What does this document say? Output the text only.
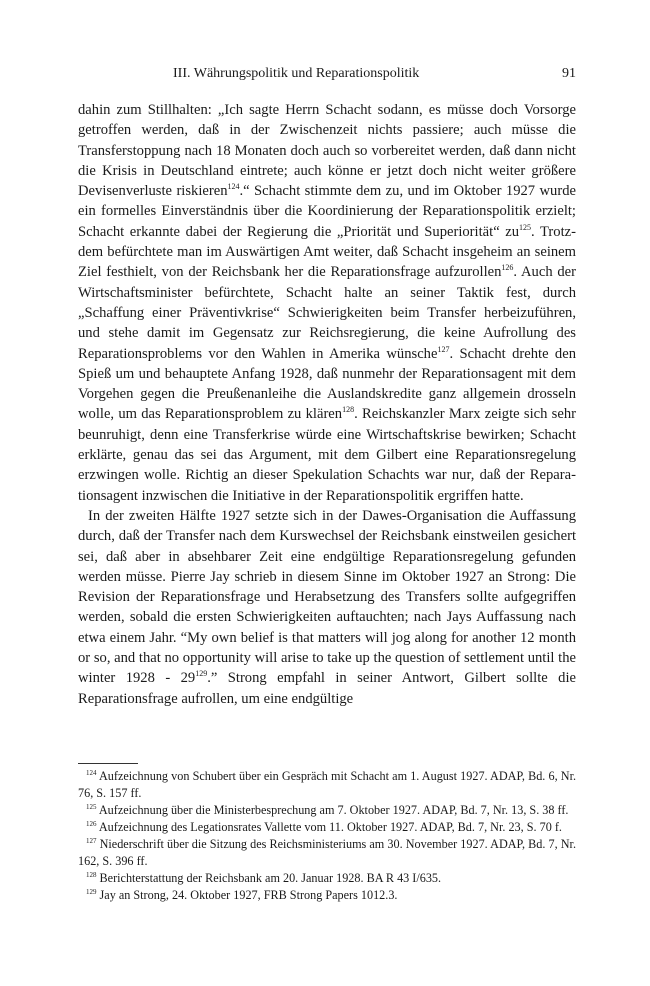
III. Währungspolitik und Reparationspolitik	91

dahin zum Stillhalten: „Ich sagte Herrn Schacht sodann, es müsse doch Vorsorge getroffen werden, daß in der Zwischenzeit nichts passiere; auch müsse die Transferstoppung nach 18 Monaten doch auch so vorbereitet werden, daß dann nicht die Krisis in Deutschland eintrete; auch könne er jetzt doch nicht weiter größere Devisenverluste riskieren$^{124}$.“ Schacht stimmte dem zu, und im Oktober 1927 wurde ein formelles Einverständnis über die Koordinierung der Reparationspolitik erzielt; Schacht erkannte dabei der Regierung die „Priorität und Superiorität“ $zu^{125}$. Trotzdem befürchtete man im Auswärtigen Amt weiter, daß Schacht insgeheim an seinem Ziel festhielt, von der Reichsbank her die Reparationsfrage aufzurollen$^{126}$. Auch der Wirtschaftsminister befürchtete, Schacht halte an seiner Taktik fest, durch „Schaffung einer Präventivkrise“ Schwierigkeiten beim Transfer herbeizuführen, und stehe damit im Gegensatz zur Reichsregierung, die keine Aufrollung des Reparationsproblems vor den Wahlen in Amerika wünsche$^{127}$. Schacht drehte den Spieß um und behauptete Anfang 1928, daß nunmehr der Reparationsagent mit dem Vorgehen gegen die Preußenanleihe die Auslandskredite ganz allgemein drosseln wolle, um das Reparationsproblem zu klären$^{128}$. Reichskanzler Marx zeigte sich sehr beunruhigt, denn eine Transferkrise würde eine Wirtschaftskrise bewirken; Schacht erklärte, genau das sei das Argument, mit dem Gilbert eine Reparationsregelung erzwingen wolle. Richtig an dieser Spekulation Schachts war nur, daß der Reparationsagent inzwischen die Initiative in der Reparationspolitik ergriffen hatte.

In der zweiten Hälfte 1927 setzte sich in der Dawes-Organisation die Auffassung durch, daß der Transfer nach dem Kurswechsel der Reichsbank einstweilen gesichert sei, daß aber in absehbarer Zeit eine endgültige Reparationsregelung gefunden werden müsse. Pierre Jay schrieb in diesem Sinne im Oktober 1927 an Strong: Die Revision der Reparationsfrage und Herabsetzung des Transfers sollte aufgegriffen werden, sobald die ersten Schwierigkeiten auftauchten; nach Jays Auffassung nach etwa einem Jahr. “My own belief is that matters will jog along for another 12 month or so, and that no opportunity will arise to take up the question of settlement until the winter $1928 - 29^{129}$.” Strong empfahl in seiner Antwort, Gilbert sollte die Reparationsfrage aufrollen, um eine endgültige

$^{124}$ Aufzeichnung von Schubert über ein Gespräch mit Schacht am 1. August 1927. ADAP, Bd. 6, Nr. 76, S. 157 ff.
$^{125}$ Aufzeichnung über die Ministerbesprechung am 7. Oktober 1927. ADAP, Bd. 7, Nr. 13, S. 38 ff.
$^{126}$ Aufzeichnung des Legationsrates Vallette vom 11. Oktober 1927. ADAP, Bd. 7, Nr. 23, S. 70 f.
$^{127}$ Niederschrift über die Sitzung des Reichsministeriums am 30. November 1927. ADAP, Bd. 7, Nr. 162, S. 396 ff.
$^{128}$ Berichterstattung der Reichsbank am 20. Januar 1928. BA R 43 I/635.
$^{129}$ Jay an Strong, 24. Oktober 1927, FRB Strong Papers 1012.3.
